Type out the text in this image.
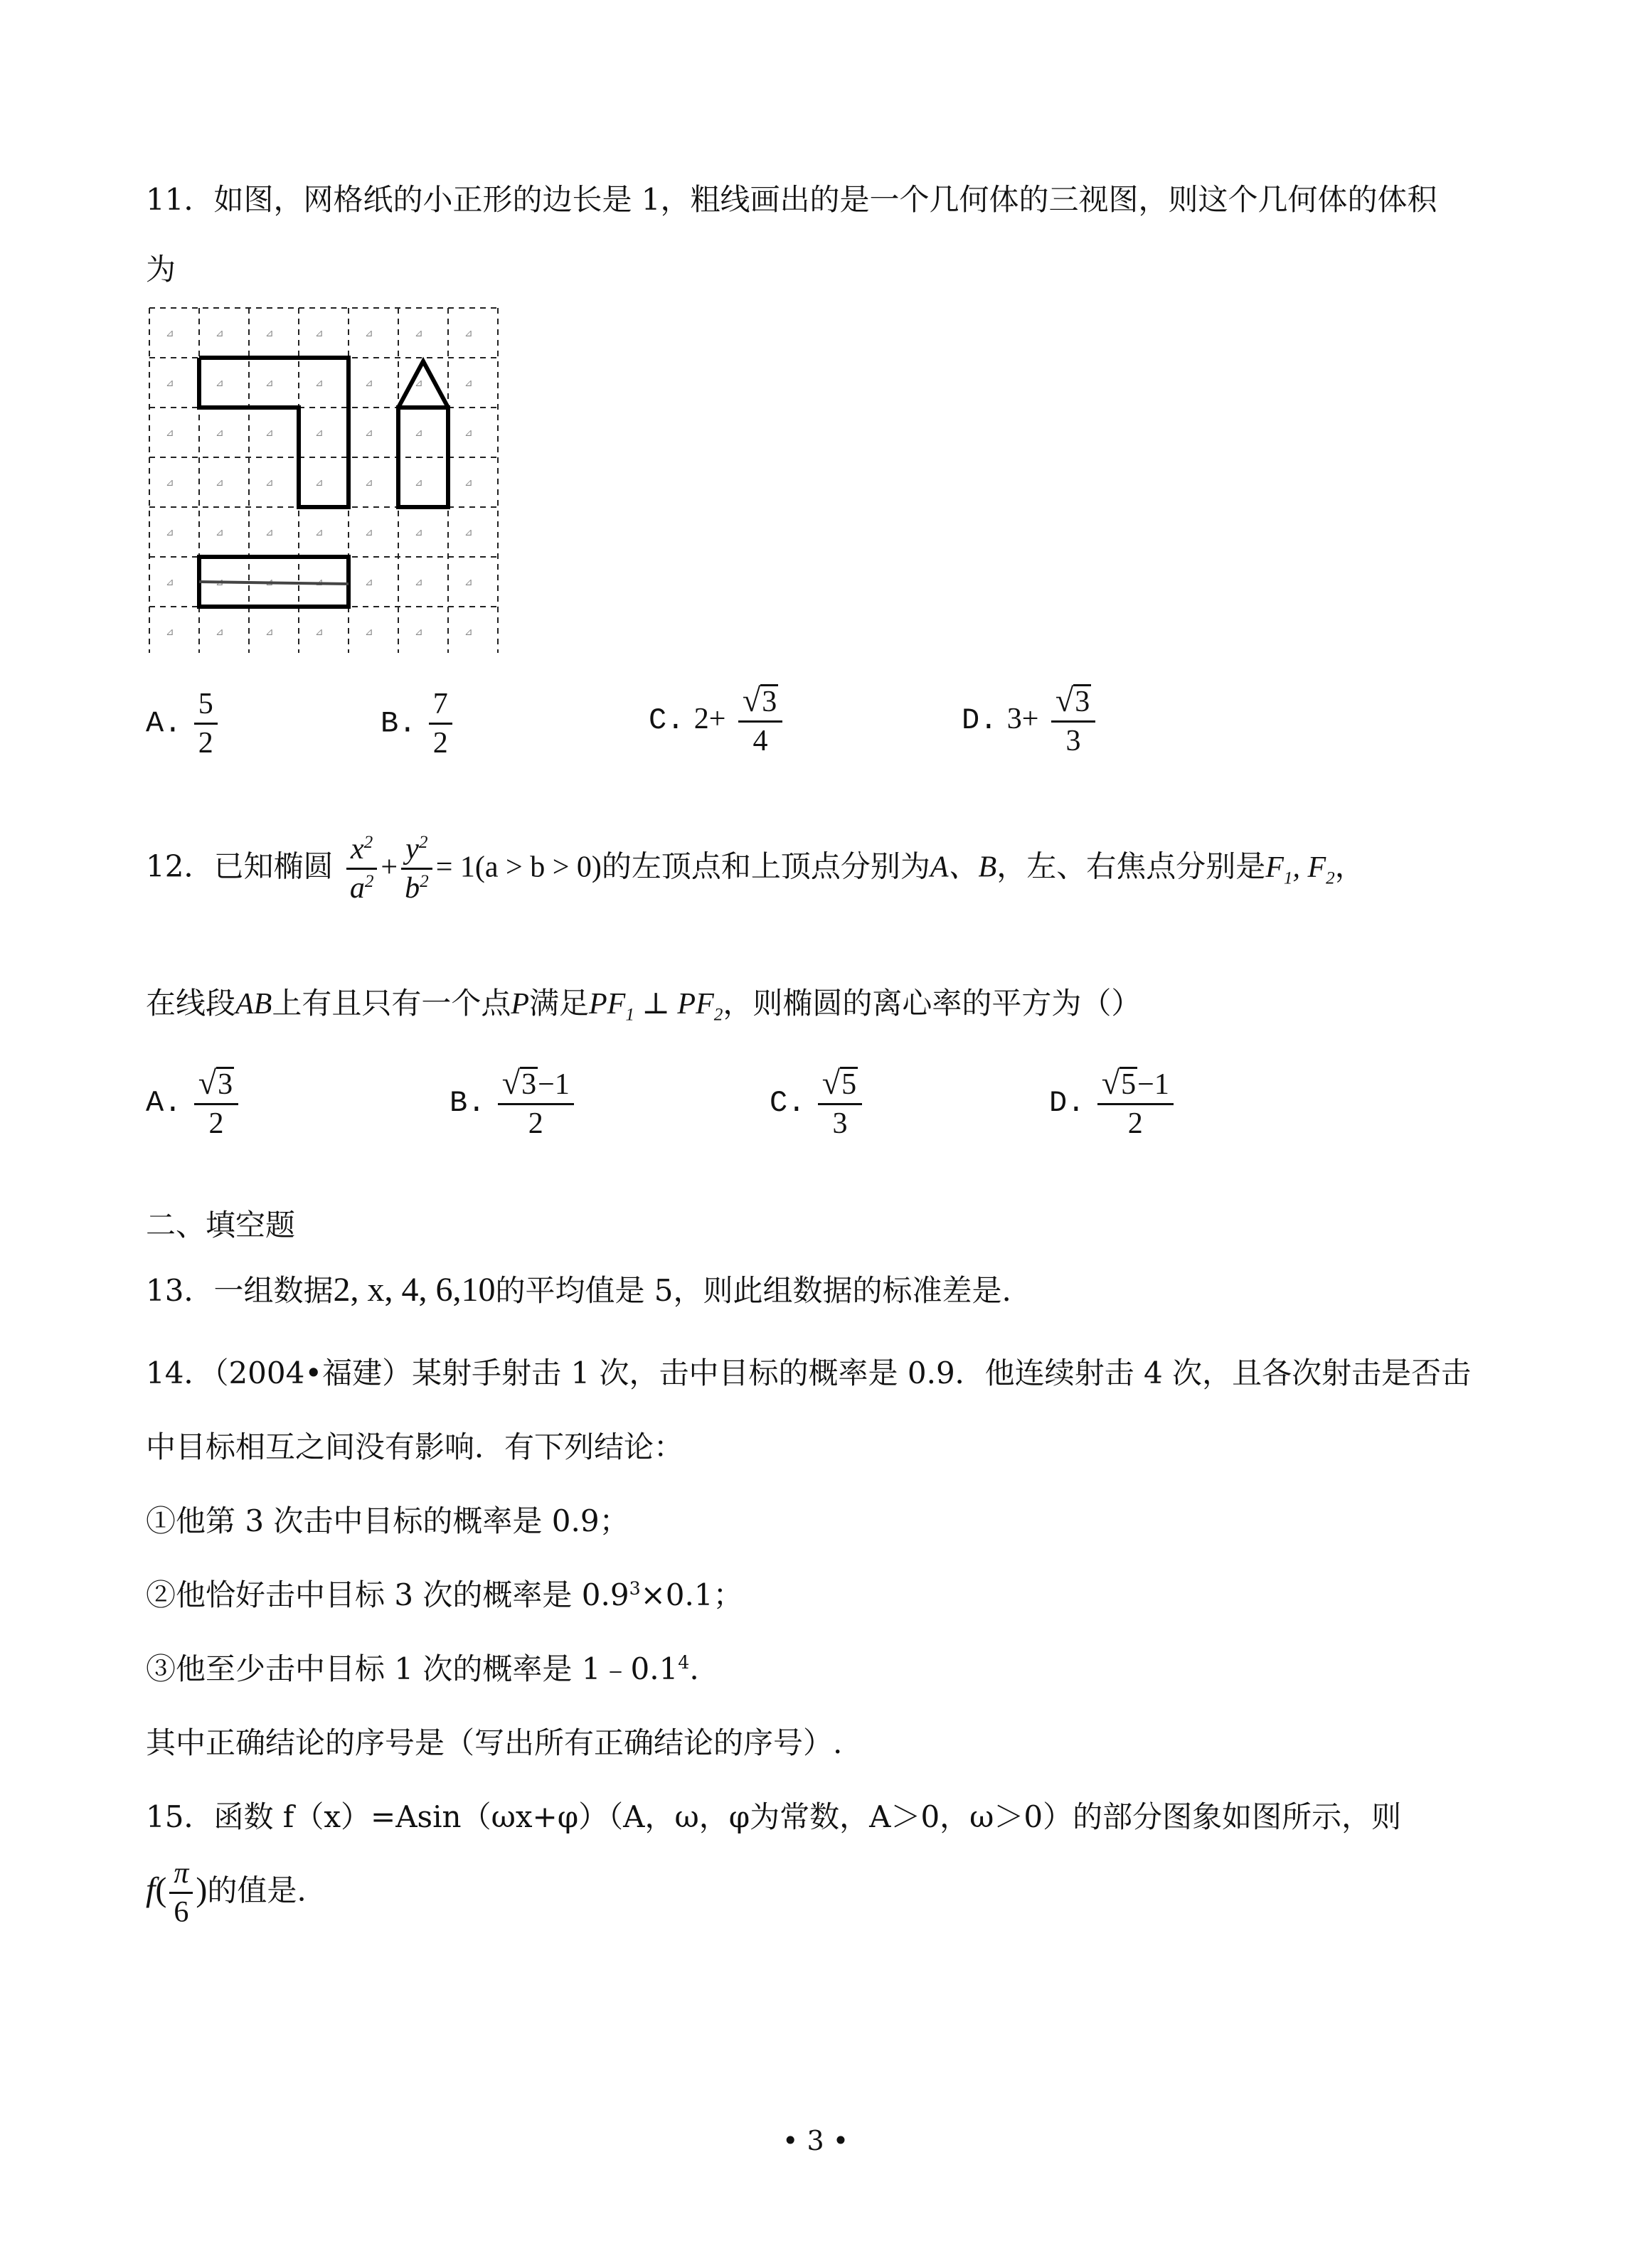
11．如图，网格纸的小正形的边长是 1，粗线画出的是一个几何体的三视图，则这个几何体的体积
为
⊿	⊿	⊿	⊿	⊿	⊿	⊿
⊿	⊿	⊿	⊿	⊿	⊿	⊿
⊿	⊿	⊿	⊿	⊿	⊿	⊿
⊿	⊿	⊿	⊿	⊿	⊿	⊿
⊿	⊿	⊿	⊿	⊿	⊿	⊿
⊿	⊿	⊿	⊿
⊿	⊿	⊿	⊿	⊿	⊿	⊿
A. $\frac{5}{2}$	B. $\frac{7}{2}$	C. $2+ \frac{√ 3}{4}$	D. $3+ \frac{√ 3}{3}$
12．已知椭圆 $\frac{x^2}{a^2} + \frac{y^2}{b^2} = 1(a > b > 0)$的左顶点和上顶点分别为A、B，左、右焦点分别是$F_1$, $F_2$，
在线段AB上有且只有一个点P满足$PF_1$ ⊥ $PF_2$，则椭圆的离心率的平方为（）
A. $\frac{√ 3}{2}$	B. $\frac{√ 3 -1}{2}$	C. $\frac{√ 5}{3}$	D. $\frac{√ 5 -1}{2}$
二、填空题
13．一组数据2, x, 4, 6,10的平均值是 5，则此组数据的标准差是.
14．（2004•福建）某射手射击 1 次，击中目标的概率是 0.9．他连续射击 4 次，且各次射击是否击
中目标相互之间没有影响．有下列结论：
①他第 3 次击中目标的概率是 0.9；
②他恰好击中目标 3 次的概率是 $0.9^3\times 0.1$；
③他至少击中目标 1 次的概率是 $1﹣0.1^4$.
其中正确结论的序号是（写出所有正确结论的序号）.
15．函数 f（x）=Asin（ωx+φ）（A，ω，φ为常数，A＞0，ω＞0）的部分图象如图所示，则
$f( \frac{\pi}{6}$ )的值是.
• 3 •
